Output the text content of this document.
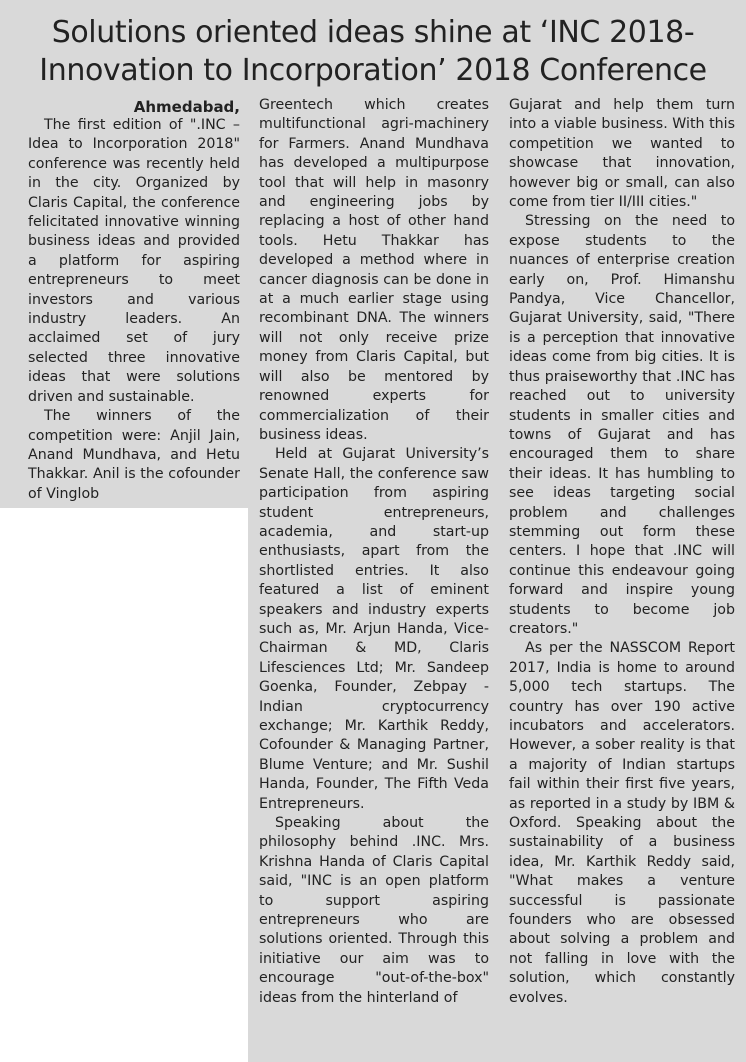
Solutions oriented ideas shine at ‘INC 2018-
Innovation to Incorporation’ 2018 Conference
Ahmedabad,

The first edition of ".INC – Idea to Incorporation 2018" conference was recently held in the city. Organized by Claris Capital, the conference felicitated innovative winning business ideas and provided a platform for aspiring entrepreneurs to meet investors and various industry leaders. An acclaimed set of jury selected three innovative ideas that were solutions driven and sustainable.

The winners of the competition were: Anjil Jain, Anand Mundhava, and Hetu Thakkar. Anil is the cofounder of Vinglob

Greentech which creates multifunctional agri-machinery for Farmers. Anand Mundhava has developed a multipurpose tool that will help in masonry and engineering jobs by replacing a host of other hand tools. Hetu Thakkar has developed a method where in cancer diagnosis can be done in at a much earlier stage using recombinant DNA. The winners will not only receive prize money from Claris Capital, but will also be mentored by renowned experts for commercialization of their business ideas.

Held at Gujarat University’s Senate Hall, the conference saw participation from aspiring student entrepreneurs, academia, and start-up enthusiasts, apart from the shortlisted entries. It also featured a list of eminent speakers and industry experts such as, Mr. Arjun Handa, Vice-Chairman & MD, Claris Lifesciences Ltd; Mr. Sandeep Goenka, Founder, Zebpay - Indian cryptocurrency exchange; Mr. Karthik Reddy, Cofounder & Managing Partner, Blume Venture; and Mr. Sushil Handa, Founder, The Fifth Veda Entrepreneurs.

Speaking about the philosophy behind .INC. Mrs. Krishna Handa of Claris Capital said, "INC is an open platform to support aspiring entrepreneurs who are solutions oriented. Through this initiative our aim was to encourage "out-of-the-box" ideas from the hinterland of

Gujarat and help them turn into a viable business. With this competition we wanted to showcase that innovation, however big or small, can also come from tier II/III cities."

Stressing on the need to expose students to the nuances of enterprise creation early on, Prof. Himanshu Pandya, Vice Chancellor, Gujarat University, said, "There is a perception that innovative ideas come from big cities. It is thus praiseworthy that .INC has reached out to university students in smaller cities and towns of Gujarat and has encouraged them to share their ideas. It has humbling to see ideas targeting social problem and challenges stemming out form these centers. I hope that .INC will continue this endeavour going forward and inspire young students to become job creators."

As per the NASSCOM Report 2017, India is home to around 5,000 tech startups. The country has over 190 active incubators and accelerators. However, a sober reality is that a majority of Indian startups fail within their first five years, as reported in a study by IBM & Oxford. Speaking about the sustainability of a business idea, Mr. Karthik Reddy said, "What makes a venture successful is passionate founders who are obsessed about solving a problem and not falling in love with the solution, which constantly evolves.
